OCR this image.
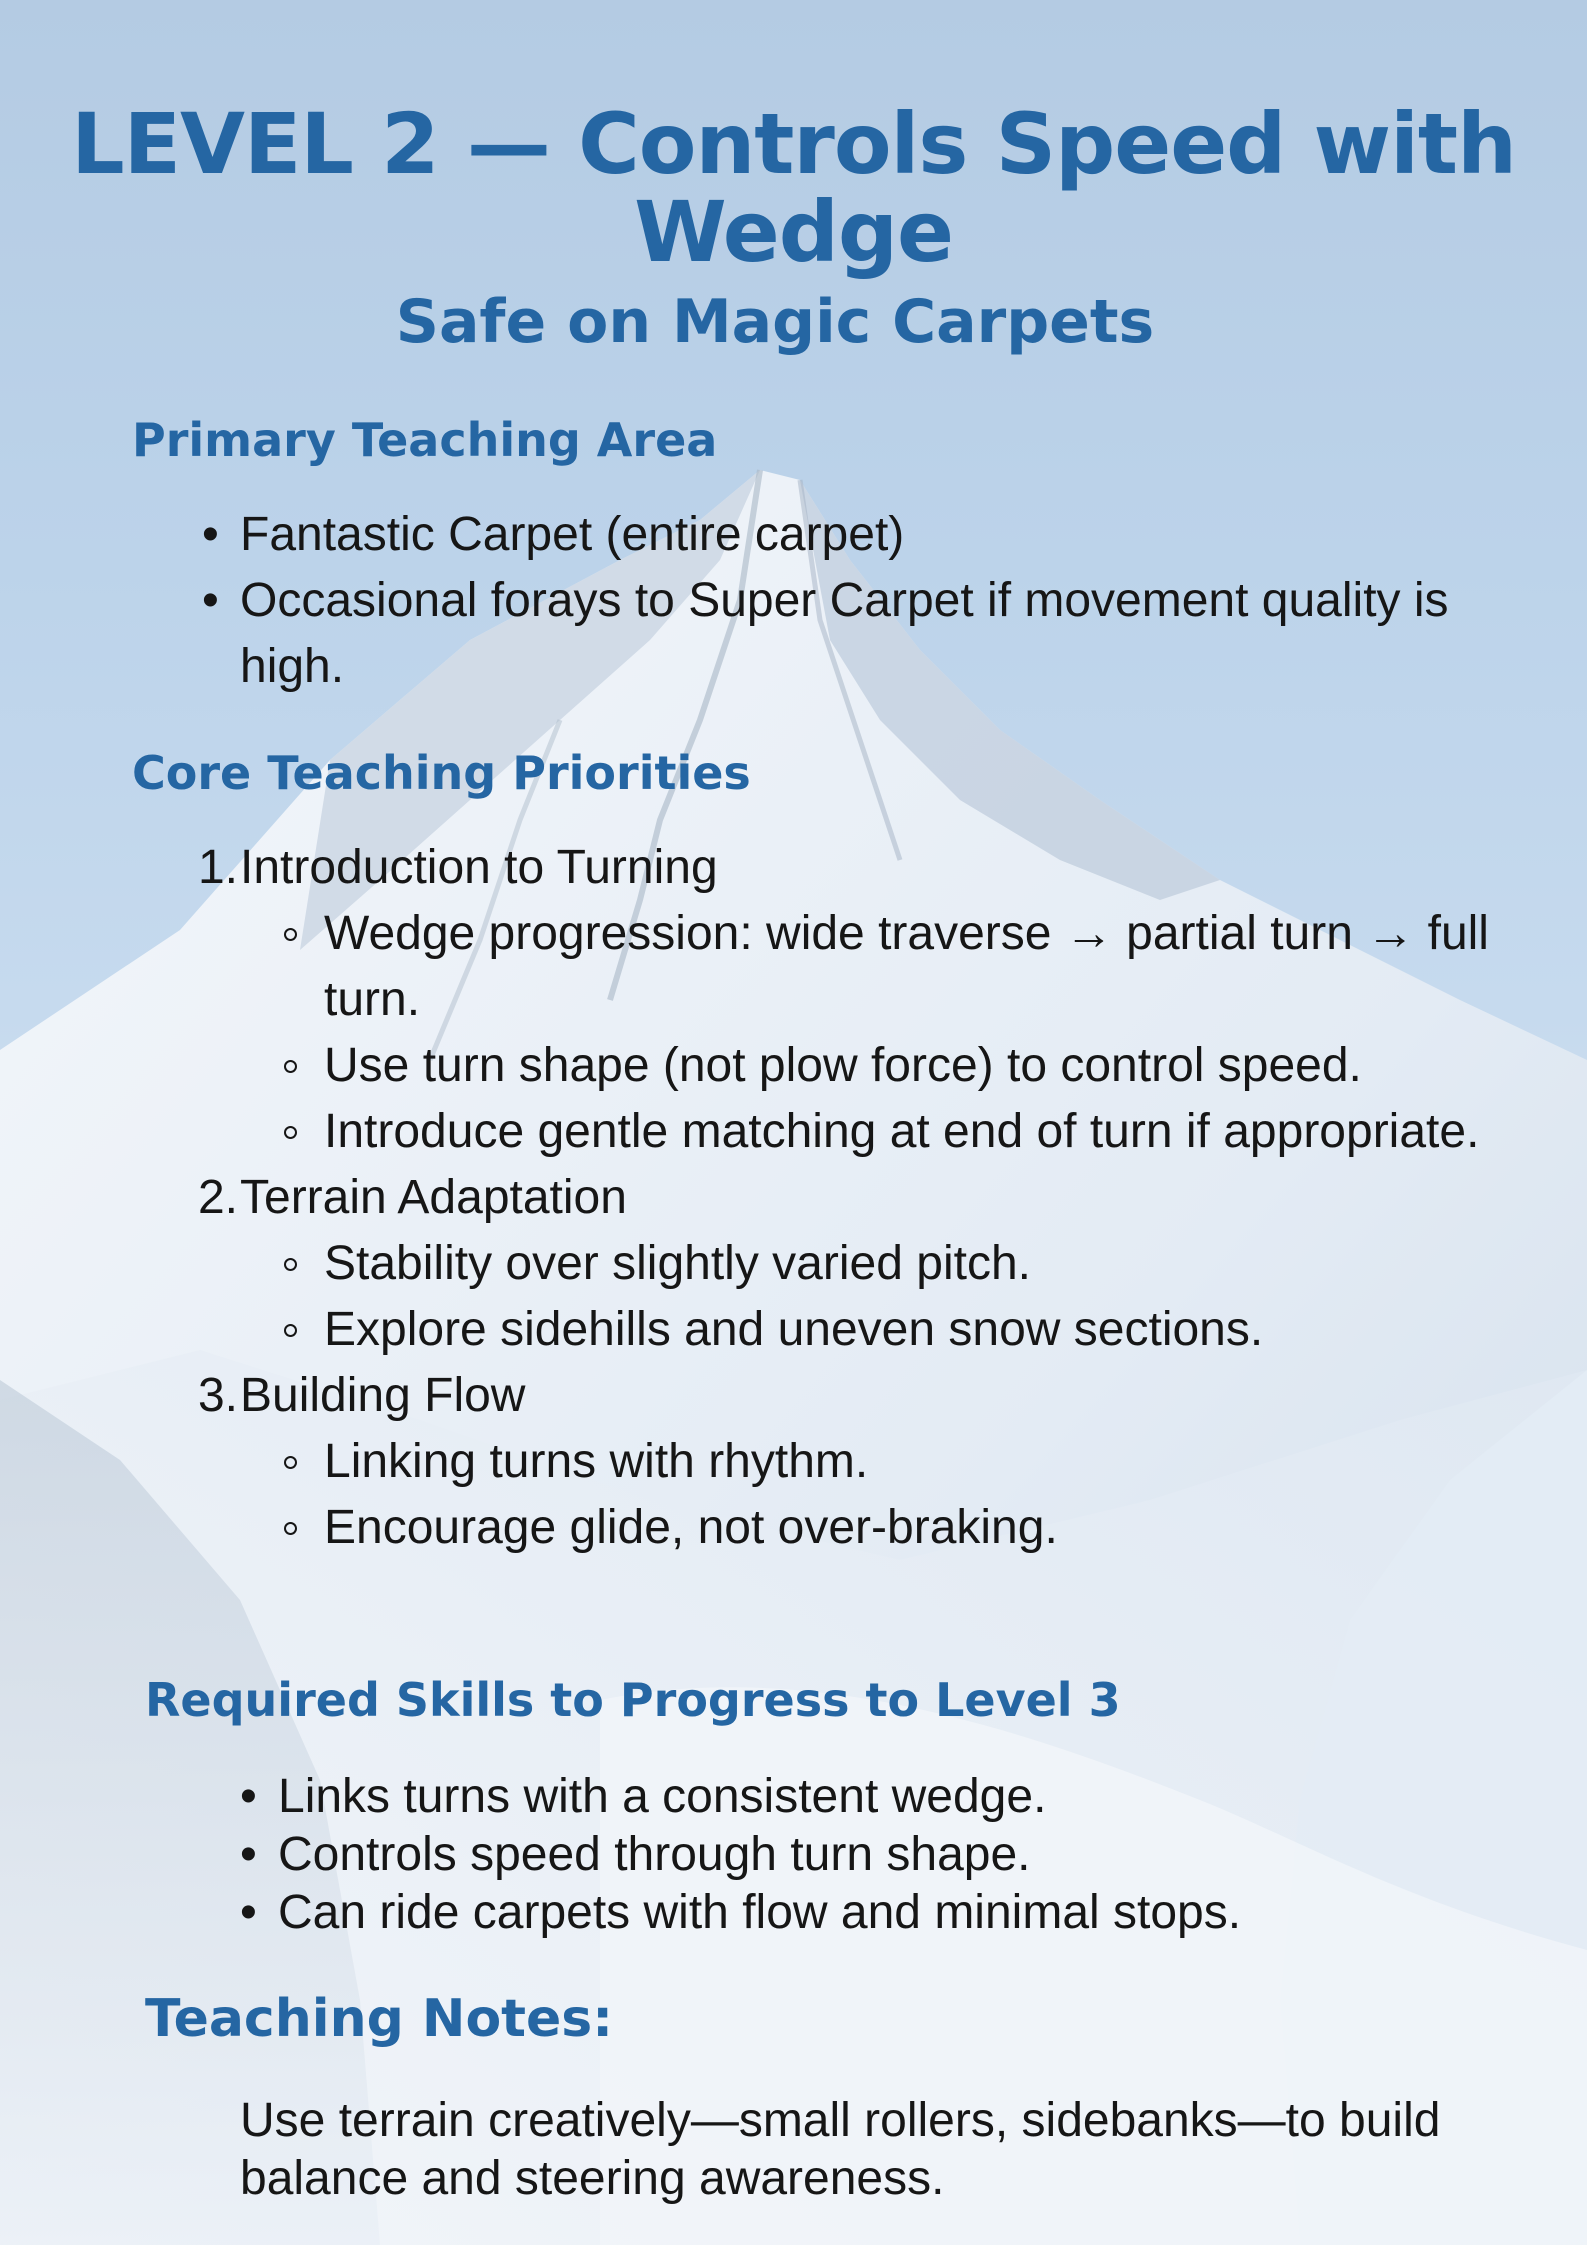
LEVEL 2 — Controls Speed with Wedge
Safe on Magic Carpets
Primary Teaching Area
• Fantastic Carpet (entire carpet)
• Occasional forays to Super Carpet if movement quality is high.
Core Teaching Priorities
1. Introduction to Turning
Wedge progression: wide traverse → partial turn → full turn.
Use turn shape (not plow force) to control speed.
Introduce gentle matching at end of turn if appropriate.
2. Terrain Adaptation
Stability over slightly varied pitch.
Explore sidehills and uneven snow sections.
3. Building Flow
Linking turns with rhythm.
Encourage glide, not over-braking.
Required Skills to Progress to Level 3
• Links turns with a consistent wedge.
• Controls speed through turn shape.
• Can ride carpets with flow and minimal stops.
Teaching Notes:
Use terrain creatively—small rollers, sidebanks—to build balance and steering awareness.
